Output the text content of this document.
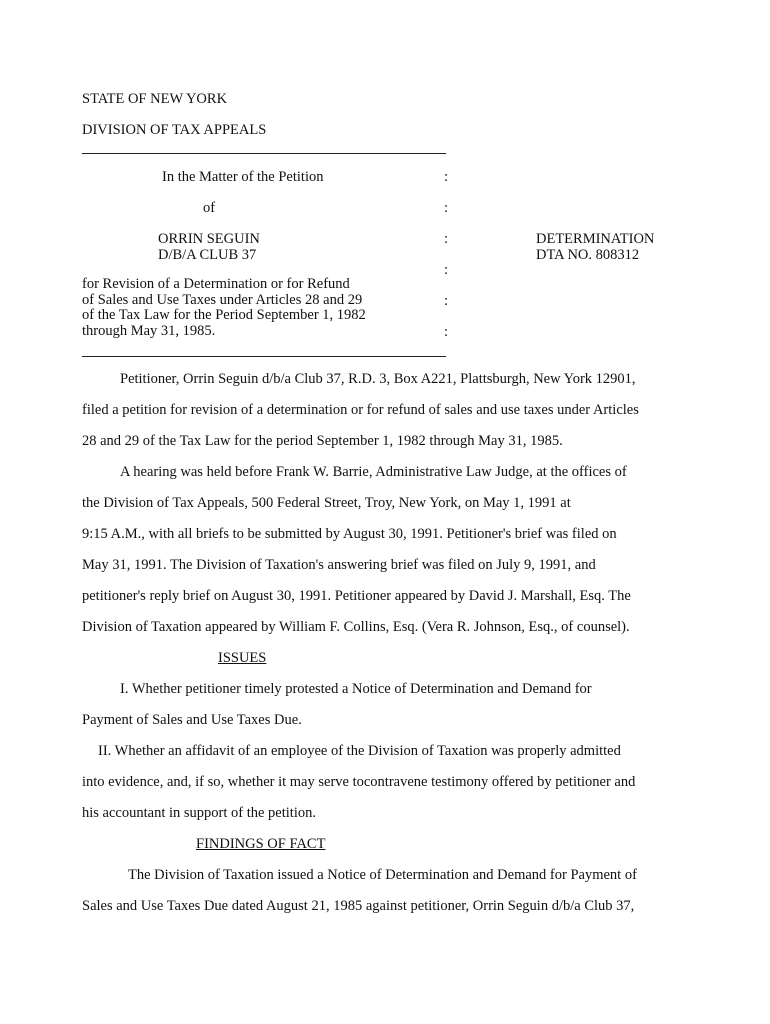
STATE OF NEW YORK
DIVISION OF TAX APPEALS
In the Matter of the Petition
of
ORRIN SEGUIN
D/B/A CLUB 37
for Revision of a Determination or for Refund
of Sales and Use Taxes under Articles 28 and 29
of the Tax Law for the Period September 1, 1982
through May 31, 1985.
:
:
:
:
:
:
DETERMINATION
DTA NO. 808312
Petitioner, Orrin Seguin d/b/a Club 37, R.D. 3, Box A221, Plattsburgh, New York 12901,
filed a petition for revision of a determination or for refund of sales and use taxes under Articles
28 and 29 of the Tax Law for the period September 1, 1982 through May 31, 1985.
A hearing was held before Frank W. Barrie, Administrative Law Judge, at the offices of
the Division of Tax Appeals, 500 Federal Street, Troy, New York, on May 1, 1991 at
9:15 A.M., with all briefs to be submitted by August 30, 1991. Petitioner's brief was filed on
May 31, 1991. The Division of Taxation's answering brief was filed on July 9, 1991, and
petitioner's reply brief on August 30, 1991. Petitioner appeared by David J. Marshall, Esq. The
Division of Taxation appeared by William F. Collins, Esq. (Vera R. Johnson, Esq., of counsel).
ISSUES
I. Whether petitioner timely protested a Notice of Determination and Demand for
Payment of Sales and Use Taxes Due.
II. Whether an affidavit of an employee of the Division of Taxation was properly admitted
into evidence, and, if so, whether it may serve tocontravene testimony offered by petitioner and
his accountant in support of the petition.
FINDINGS OF FACT
The Division of Taxation issued a Notice of Determination and Demand for Payment of
Sales and Use Taxes Due dated August 21, 1985 against petitioner, Orrin Seguin d/b/a Club 37,
